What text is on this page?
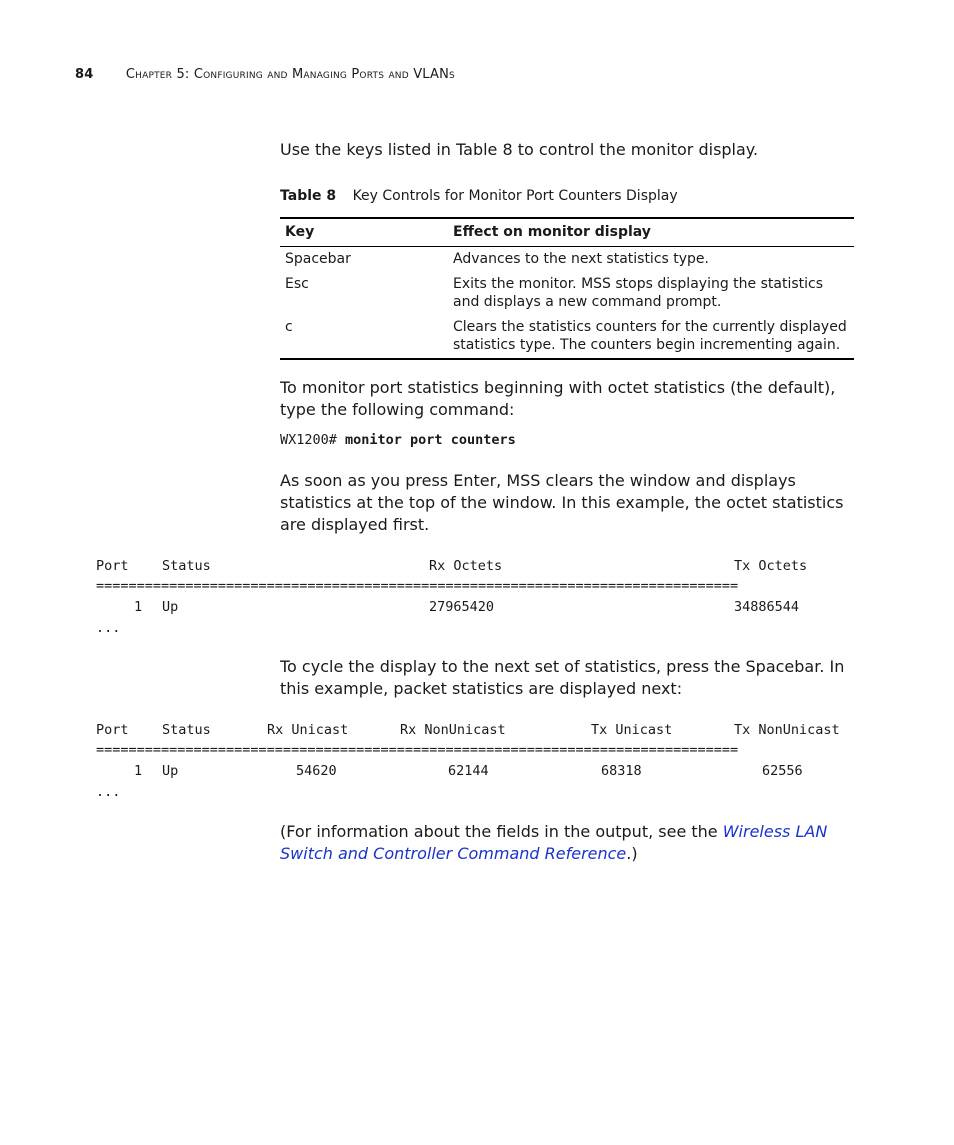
84 Chapter 5: Configuring and Managing Ports and VLANs
Use the keys listed in Table 8 to control the monitor display.
Table 8 Key Controls for Monitor Port Counters Display
Key	Effect on monitor display
Spacebar	Advances to the next statistics type.
Esc	Exits the monitor. MSS stops displaying the statistics and displays a new command prompt.
c	Clears the statistics counters for the currently displayed statistics type. The counters begin incrementing again.
To monitor port statistics beginning with octet statistics (the default), type the following command:
WX1200# monitor port counters
As soon as you press Enter, MSS clears the window and displays statistics at the top of the window. In this example, the octet statistics are displayed first.
Port Status	Rx Octets	Tx Octets
===============================================================================
1 Up	27965420	34886544
...
To cycle the display to the next set of statistics, press the Spacebar. In this example, packet statistics are displayed next:
Port Status	Rx Unicast	Rx NonUnicast	Tx Unicast	Tx NonUnicast
===============================================================================
1 Up	54620	62144	68318	62556
...
(For information about the fields in the output, see the Wireless LAN Switch and Controller Command Reference.)
